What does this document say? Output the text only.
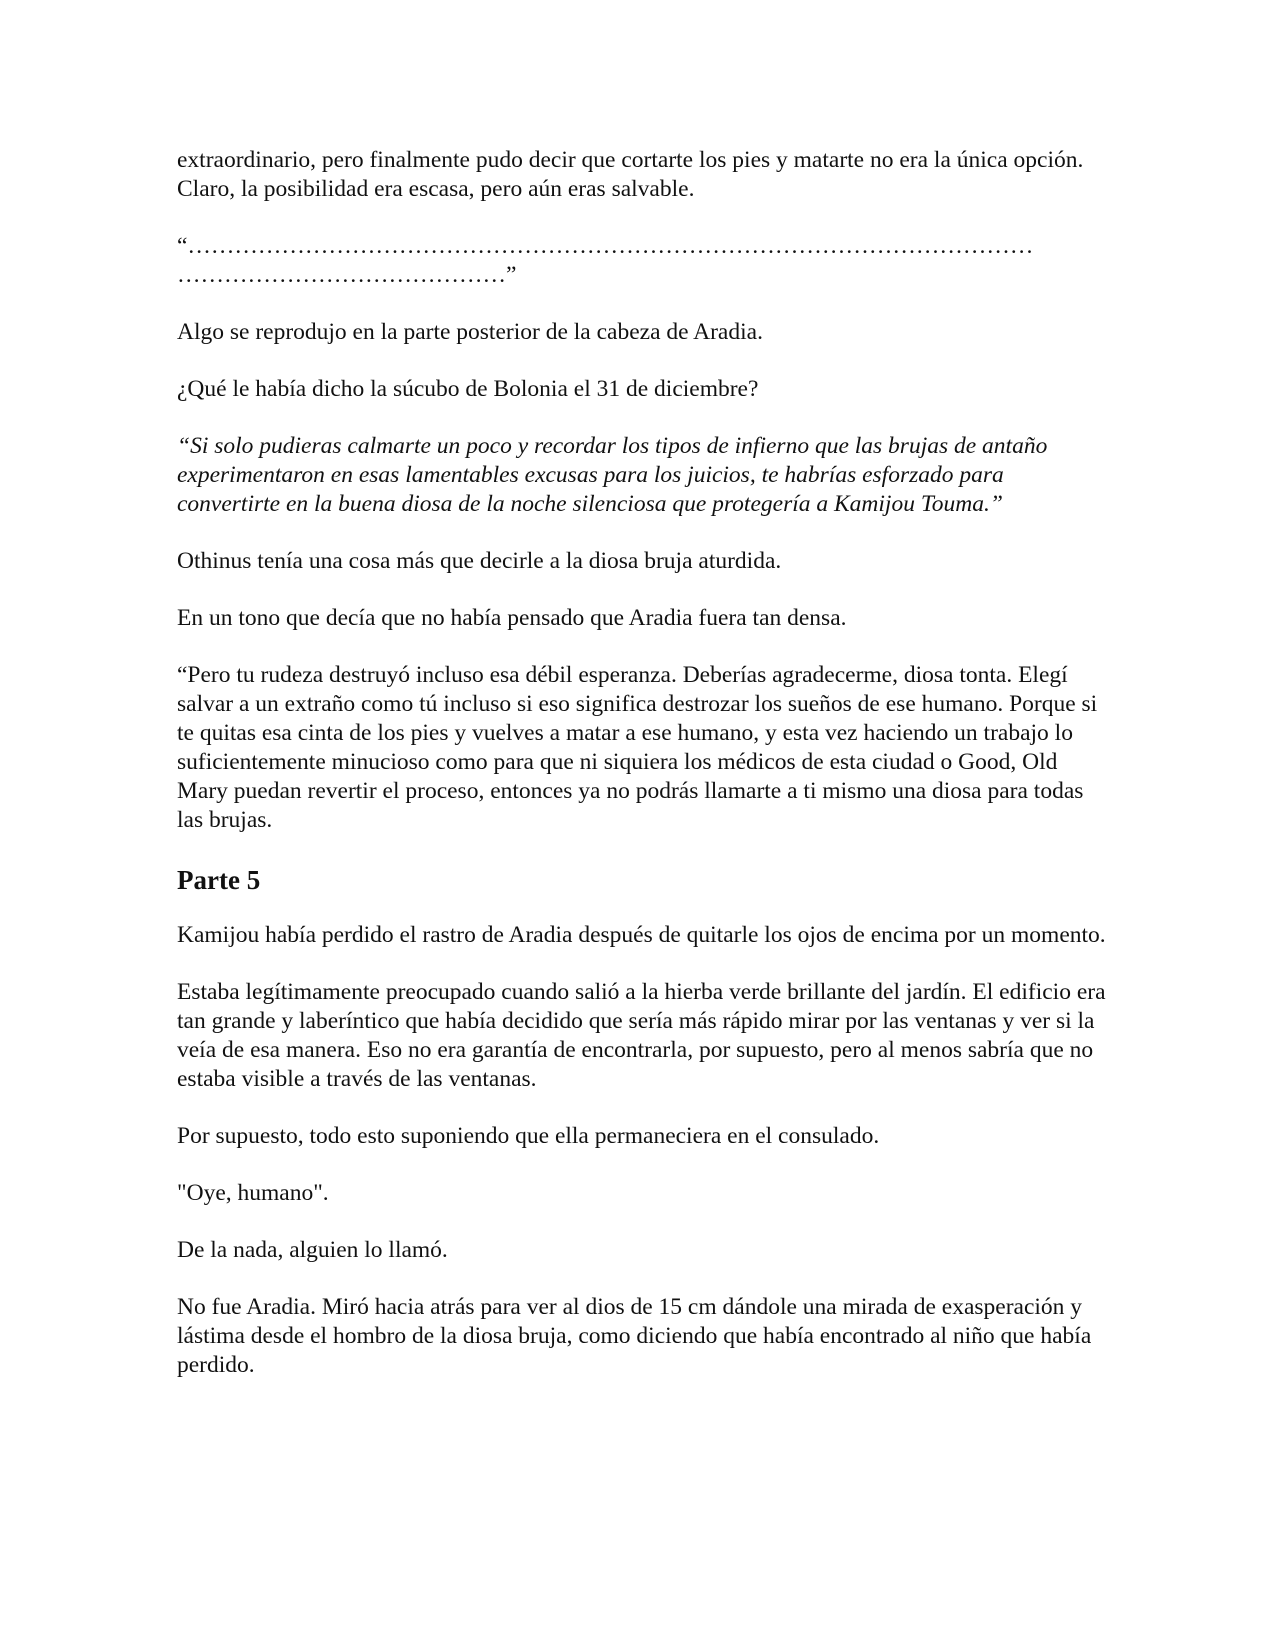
extraordinario, pero finalmente pudo decir que cortarte los pies y matarte no era la única opción. Claro, la posibilidad era escasa, pero aún eras salvable.

“………………………………………………………………………………………………
……………………………………”

Algo se reprodujo en la parte posterior de la cabeza de Aradia.

¿Qué le había dicho la súcubo de Bolonia el 31 de diciembre?

“Si solo pudieras calmarte un poco y recordar los tipos de infierno que las brujas de antaño experimentaron en esas lamentables excusas para los juicios, te habrías esforzado para convertirte en la buena diosa de la noche silenciosa que protegería a Kamijou Touma.”

Othinus tenía una cosa más que decirle a la diosa bruja aturdida.

En un tono que decía que no había pensado que Aradia fuera tan densa.

“Pero tu rudeza destruyó incluso esa débil esperanza. Deberías agradecerme, diosa tonta. Elegí salvar a un extraño como tú incluso si eso significa destrozar los sueños de ese humano. Porque si te quitas esa cinta de los pies y vuelves a matar a ese humano, y esta vez haciendo un trabajo lo suficientemente minucioso como para que ni siquiera los médicos de esta ciudad o Good, Old Mary puedan revertir el proceso, entonces ya no podrás llamarte a ti mismo una diosa para todas las brujas.

Parte 5

Kamijou había perdido el rastro de Aradia después de quitarle los ojos de encima por un momento.

Estaba legítimamente preocupado cuando salió a la hierba verde brillante del jardín. El edificio era tan grande y laberíntico que había decidido que sería más rápido mirar por las ventanas y ver si la veía de esa manera. Eso no era garantía de encontrarla, por supuesto, pero al menos sabría que no estaba visible a través de las ventanas.

Por supuesto, todo esto suponiendo que ella permaneciera en el consulado.

"Oye, humano".

De la nada, alguien lo llamó.

No fue Aradia. Miró hacia atrás para ver al dios de 15 cm dándole una mirada de exasperación y lástima desde el hombro de la diosa bruja, como diciendo que había encontrado al niño que había perdido.
